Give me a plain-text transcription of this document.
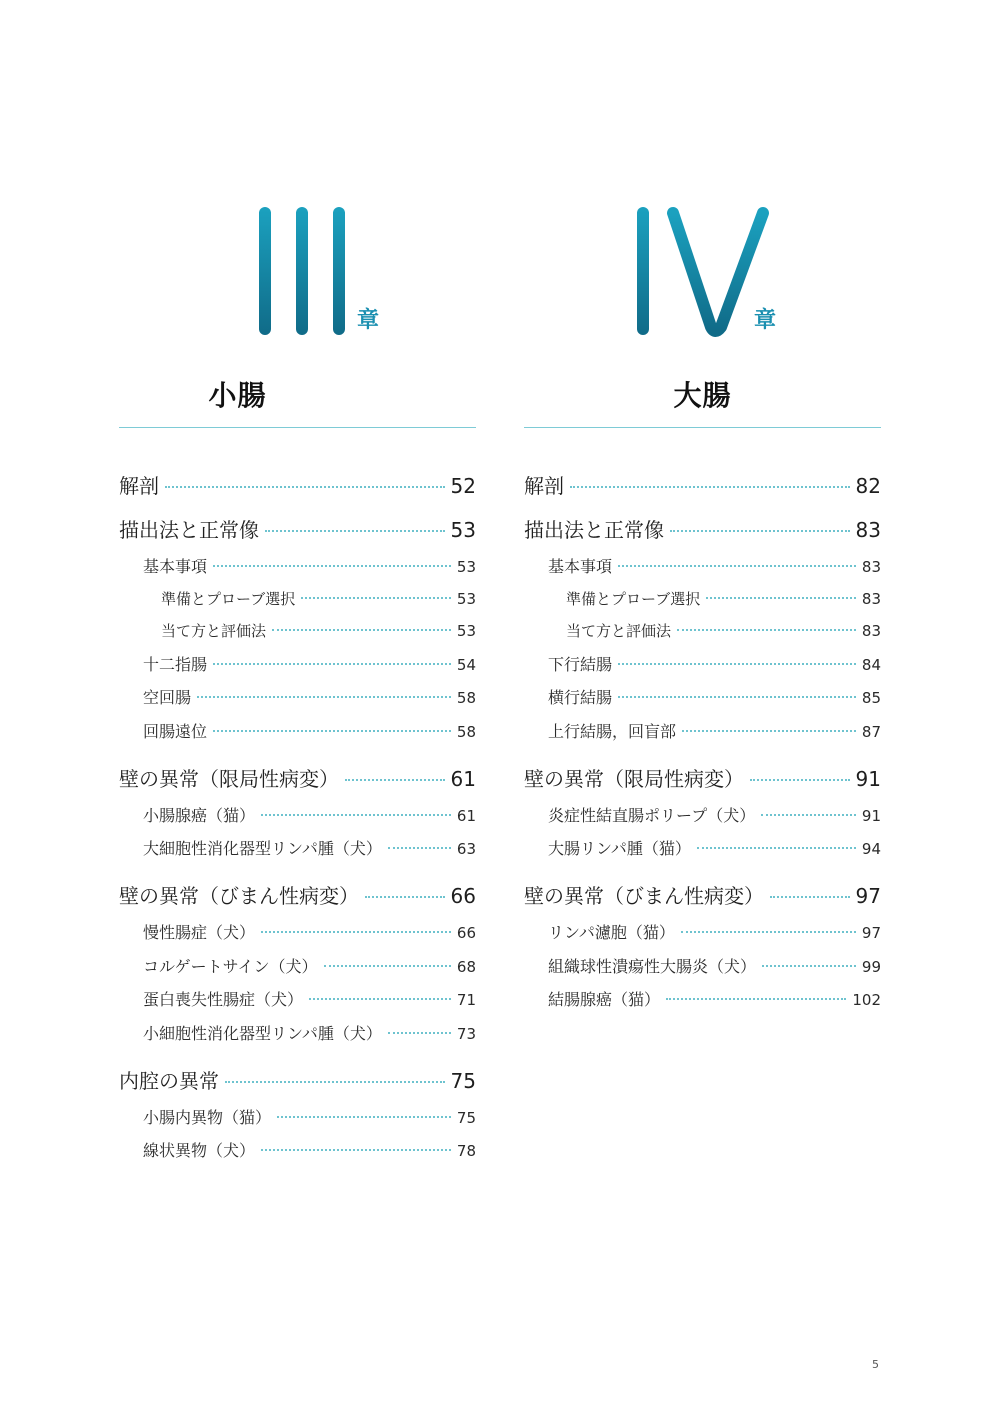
章
小腸
解剖	52
描出法と正常像	53
基本事項	53
準備とプローブ選択	53
当て方と評価法	53
十二指腸	54
空回腸	58
回腸遠位	58
壁の異常（限局性病変）	61
小腸腺癌（猫）	61
大細胞性消化器型リンパ腫（犬）	63
壁の異常（びまん性病変）	66
慢性腸症（犬）	66
コルゲートサイン（犬）	68
蛋白喪失性腸症（犬）	71
小細胞性消化器型リンパ腫（犬）	73
内腔の異常	75
小腸内異物（猫）	75
線状異物（犬）	78
章
大腸
解剖	82
描出法と正常像	83
基本事項	83
準備とプローブ選択	83
当て方と評価法	83
下行結腸	84
横行結腸	85
上行結腸，回盲部	87
壁の異常（限局性病変）	91
炎症性結直腸ポリープ（犬）	91
大腸リンパ腫（猫）	94
壁の異常（びまん性病変）	97
リンパ濾胞（猫）	97
組織球性潰瘍性大腸炎（犬）	99
結腸腺癌（猫）	102
5
